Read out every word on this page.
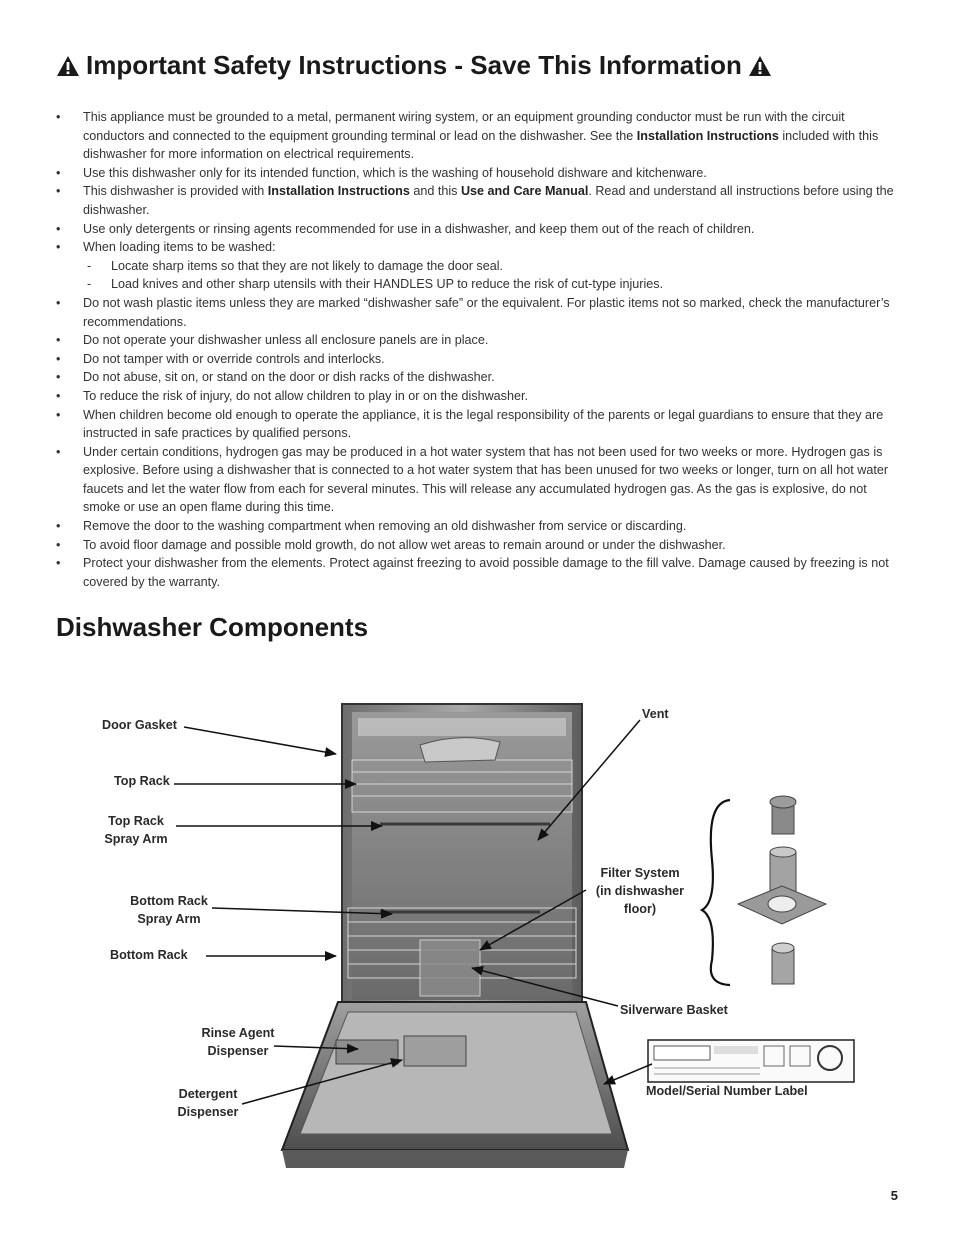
Important Safety Instructions - Save This Information
• This appliance must be grounded to a metal, permanent wiring system, or an equipment grounding conductor must be run with the circuit conductors and connected to the equipment grounding terminal or lead on the dishwasher. See the Installation Instructions included with this dishwasher for more information on electrical requirements.
• Use this dishwasher only for its intended function, which is the washing of household dishware and kitchenware.
• This dishwasher is provided with Installation Instructions and this Use and Care Manual. Read and understand all instructions before using the dishwasher.
• Use only detergents or rinsing agents recommended for use in a dishwasher, and keep them out of the reach of children.
• When loading items to be washed:
- Locate sharp items so that they are not likely to damage the door seal.
- Load knives and other sharp utensils with their HANDLES UP to reduce the risk of cut-type injuries.
• Do not wash plastic items unless they are marked “dishwasher safe” or the equivalent. For plastic items not so marked, check the manufacturer’s recommendations.
• Do not operate your dishwasher unless all enclosure panels are in place.
• Do not tamper with or override controls and interlocks.
• Do not abuse, sit on, or stand on the door or dish racks of the dishwasher.
• To reduce the risk of injury, do not allow children to play in or on the dishwasher.
• When children become old enough to operate the appliance, it is the legal responsibility of the parents or legal guardians to ensure that they are instructed in safe practices by qualified persons.
• Under certain conditions, hydrogen gas may be produced in a hot water system that has not been used for two weeks or more. Hydrogen gas is explosive. Before using a dishwasher that is connected to a hot water system that has been unused for two weeks or longer, turn on all hot water faucets and let the water flow from each for several minutes. This will release any accumulated hydrogen gas. As the gas is explosive, do not smoke or use an open flame during this time.
• Remove the door to the washing compartment when removing an old dishwasher from service or discarding.
• To avoid floor damage and possible mold growth, do not allow wet areas to remain around or under the dishwasher.
• Protect your dishwasher from the elements. Protect against freezing to avoid possible damage to the fill valve. Damage caused by freezing is not covered by the warranty.
Dishwasher Components
Door Gasket
Top Rack
Top Rack
Spray Arm
Bottom Rack
Spray Arm
Bottom Rack
Rinse Agent
Dispenser
Detergent
Dispenser
Vent
Filter System
(in dishwasher
floor)
Silverware Basket
Model/Serial Number Label
5
